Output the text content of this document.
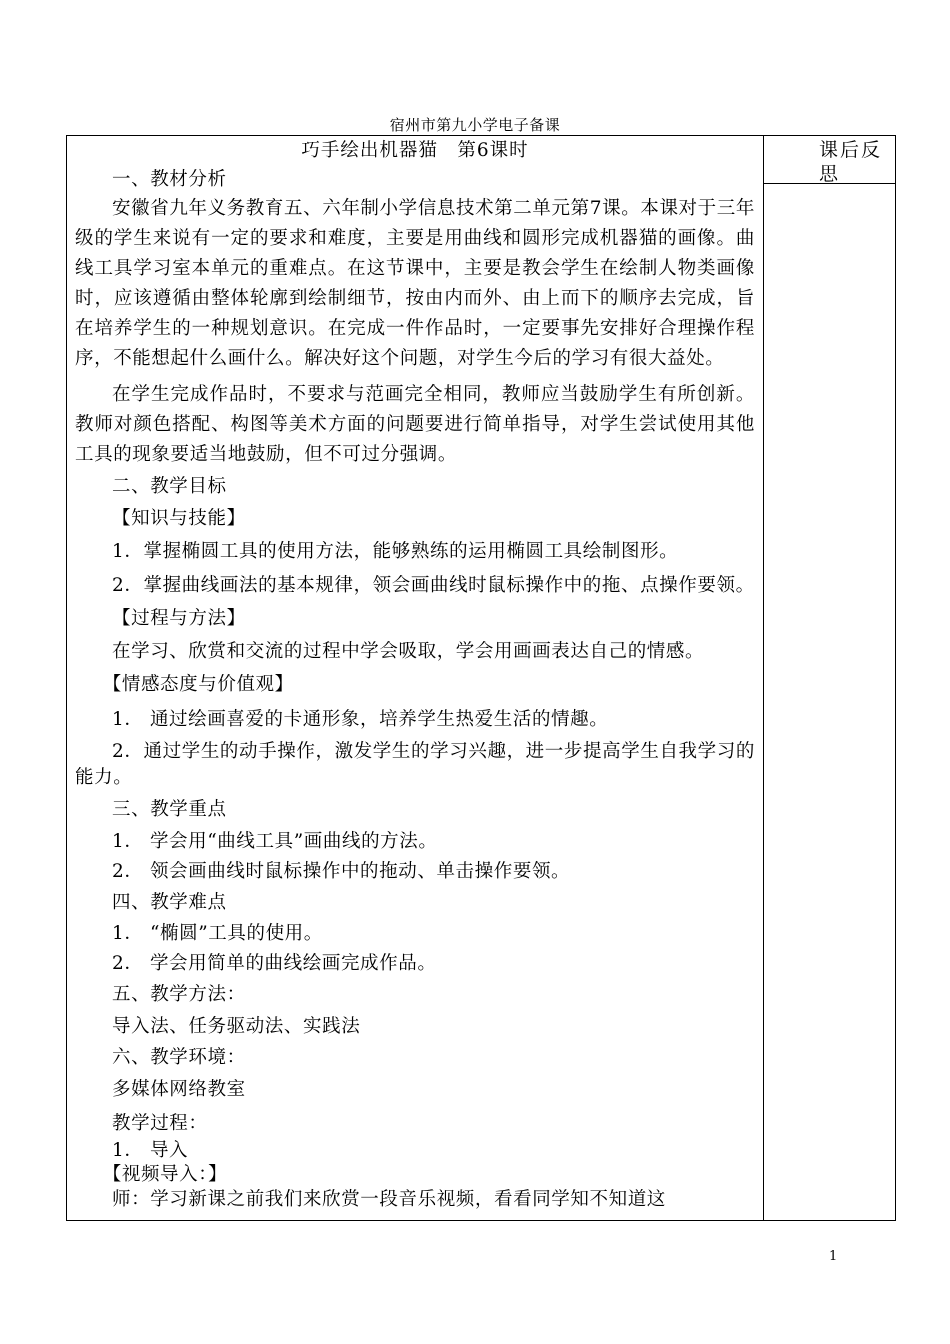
宿州市第九小学电子备课
巧手绘出机器猫　第6课时
一、教材分析
安徽省九年义务教育五、六年制小学信息技术第二单元第7课。本课对于三年级的学生来说有一定的要求和难度，主要是用曲线和圆形完成机器猫的画像。曲线工具学习室本单元的重难点。在这节课中，主要是教会学生在绘制人物类画像时，应该遵循由整体轮廓到绘制细节，按由内而外、由上而下的顺序去完成，旨在培养学生的一种规划意识。在完成一件作品时，一定要事先安排好合理操作程序，不能想起什么画什么。解决好这个问题，对学生今后的学习有很大益处。
在学生完成作品时，不要求与范画完全相同，教师应当鼓励学生有所创新。教师对颜色搭配、构图等美术方面的问题要进行简单指导，对学生尝试使用其他工具的现象要适当地鼓励，但不可过分强调。
二、教学目标
【知识与技能】
1．掌握椭圆工具的使用方法，能够熟练的运用椭圆工具绘制图形。
2．掌握曲线画法的基本规律，领会画曲线时鼠标操作中的拖、点操作要领。
【过程与方法】
在学习、欣赏和交流的过程中学会吸取，学会用画画表达自己的情感。
【情感态度与价值观】
1． 通过绘画喜爱的卡通形象，培养学生热爱生活的情趣。
2．通过学生的动手操作，激发学生的学习兴趣，进一步提高学生自我学习的能力。
三、教学重点
1． 学会用“曲线工具”画曲线的方法。
2． 领会画曲线时鼠标操作中的拖动、单击操作要领。
四、教学难点
1． “椭圆”工具的使用。
2． 学会用简单的曲线绘画完成作品。
五、教学方法：
导入法、任务驱动法、实践法
六、教学环境：
多媒体网络教室
教学过程：
1． 导入
【视频导入：】
师：学习新课之前我们来欣赏一段音乐视频，看看同学知不知道这
课后反思
1
